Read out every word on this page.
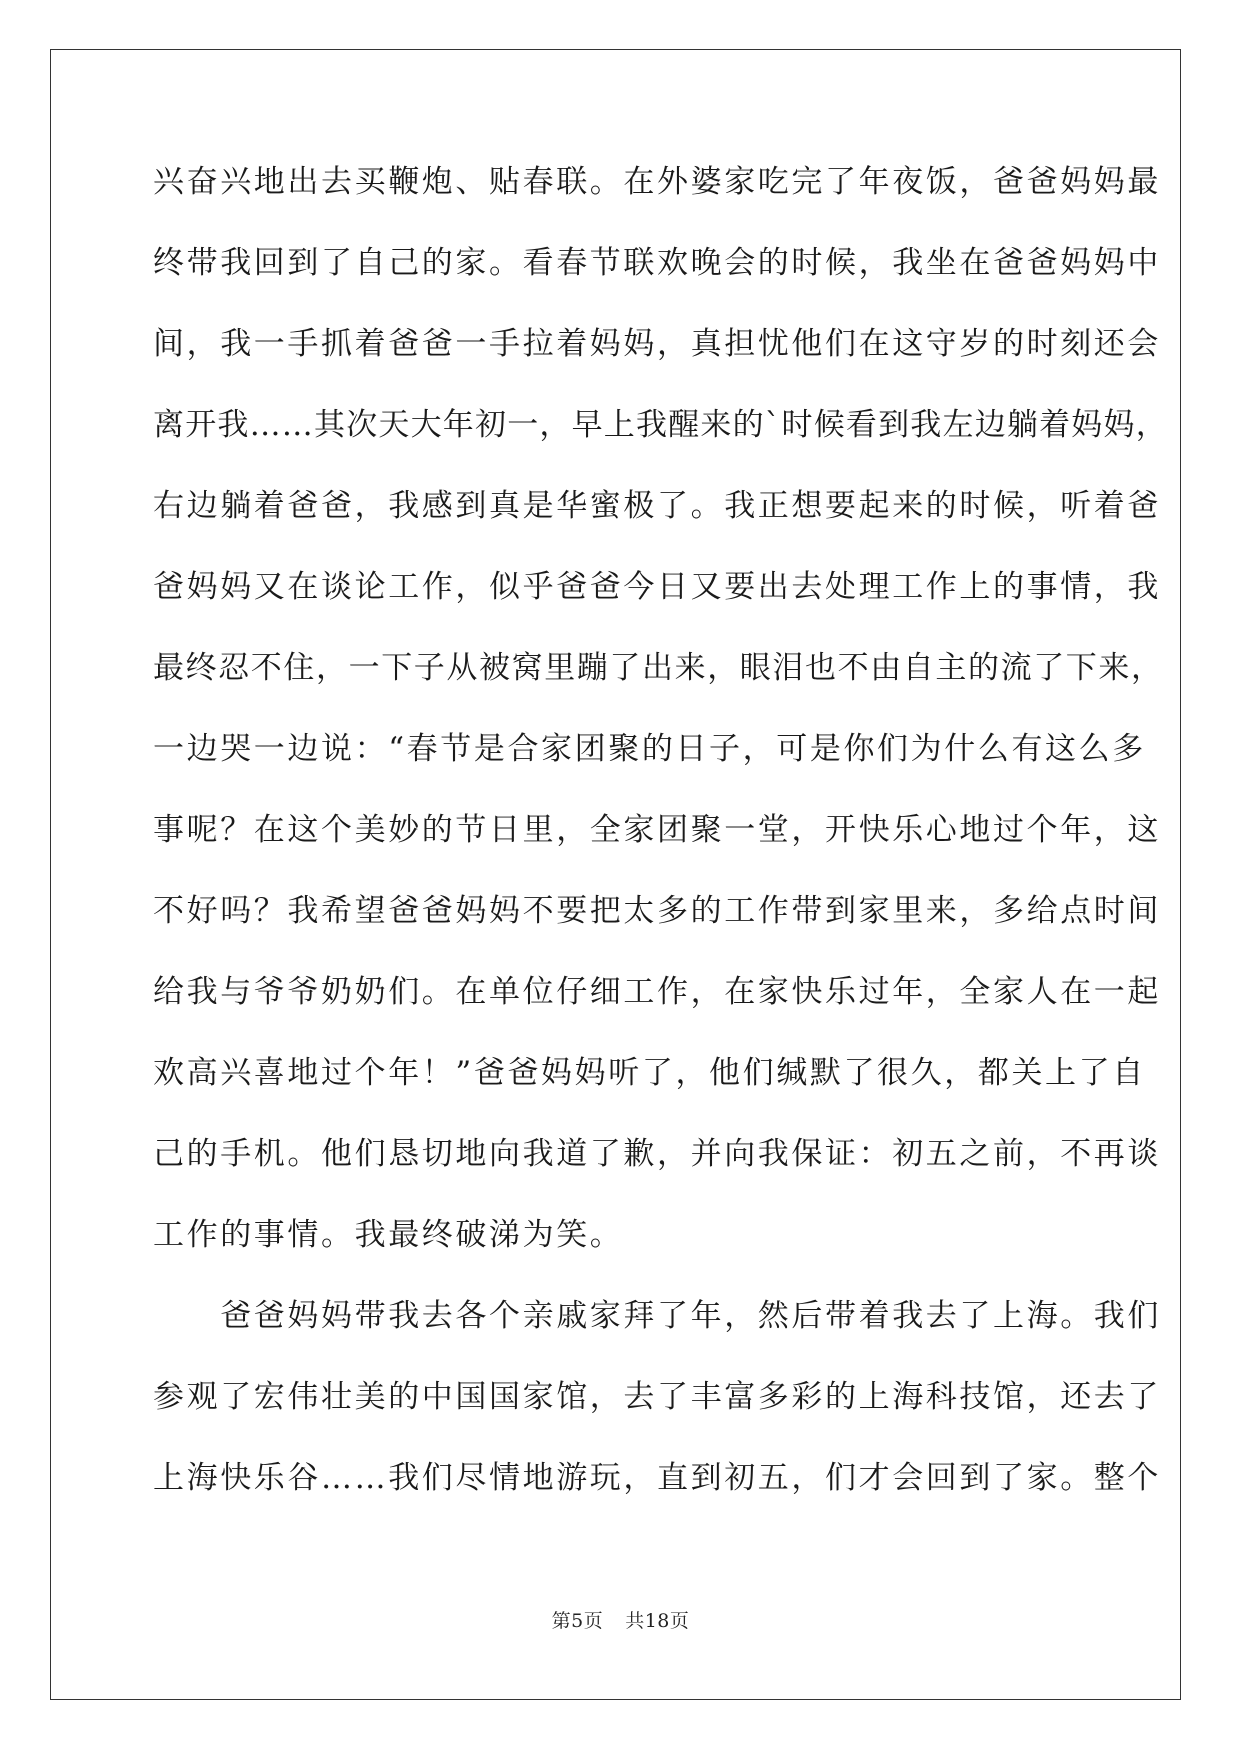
兴奋兴地出去买鞭炮、贴春联。在外婆家吃完了年夜饭，爸爸妈妈最
终带我回到了自己的家。看春节联欢晚会的时候，我坐在爸爸妈妈中
间，我一手抓着爸爸一手拉着妈妈，真担忧他们在这守岁的时刻还会
离开我……其次天大年初一，早上我醒来的`时候看到我左边躺着妈妈，
右边躺着爸爸，我感到真是华蜜极了。我正想要起来的时候，听着爸
爸妈妈又在谈论工作，似乎爸爸今日又要出去处理工作上的事情，我
最终忍不住，一下子从被窝里蹦了出来，眼泪也不由自主的流了下来，
一边哭一边说：“春节是合家团聚的日子，可是你们为什么有这么多
事呢？在这个美妙的节日里，全家团聚一堂，开快乐心地过个年，这
不好吗？我希望爸爸妈妈不要把太多的工作带到家里来，多给点时间
给我与爷爷奶奶们。在单位仔细工作，在家快乐过年，全家人在一起
欢高兴喜地过个年！”爸爸妈妈听了，他们缄默了很久，都关上了自
己的手机。他们恳切地向我道了歉，并向我保证：初五之前，不再谈
工作的事情。我最终破涕为笑。
　　爸爸妈妈带我去各个亲戚家拜了年，然后带着我去了上海。我们
参观了宏伟壮美的中国国家馆，去了丰富多彩的上海科技馆，还去了
上海快乐谷……我们尽情地游玩，直到初五，们才会回到了家。整个
第5页 共18页
